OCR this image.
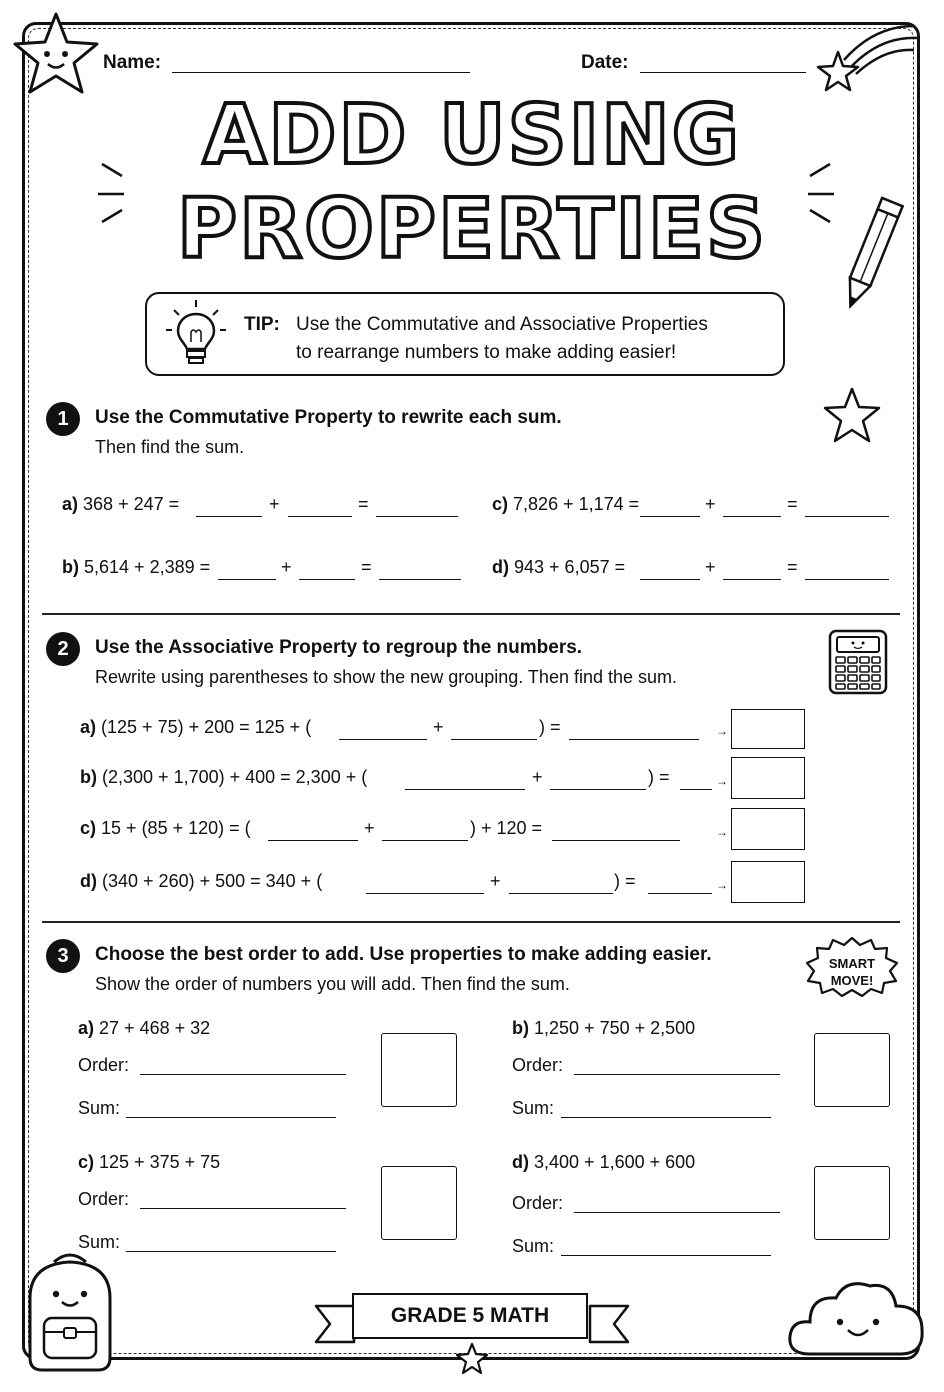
Name:	Date:
ADD USING
PROPERTIES
TIP: Use the Commutative and Associative Properties
to rearrange numbers to make adding easier!
1	Use the Commutative Property to rewrite each sum.
Then find the sum.
a) 368 + 247 =	+	=	c) 7,826 + 1,174 =	+	=
b) 5,614 + 2,389 =	+	=	d) 943 + 6,057 =	+	=
2	Use the Associative Property to regroup the numbers.
Rewrite using parentheses to show the new grouping. Then find the sum.
a) (125 + 75) + 200 = 125 + (	+	) =	→
b) (2,300 + 1,700) + 400 = 2,300 + (	+	) =	→
c) 15 + (85 + 120) = (	+	) + 120 =	→
d) (340 + 260) + 500 = 340 + (	+	) =	→
3	Choose the best order to add. Use properties to make adding easier.
Show the order of numbers you will add. Then find the sum.
SMART
MOVE!
a) 27 + 468 + 32
Order:
Sum:
b) 1,250 + 750 + 2,500
Order:
Sum:
c) 125 + 375 + 75
Order:
Sum:
d) 3,400 + 1,600 + 600
Order:
Sum:
GRADE 5 MATH
